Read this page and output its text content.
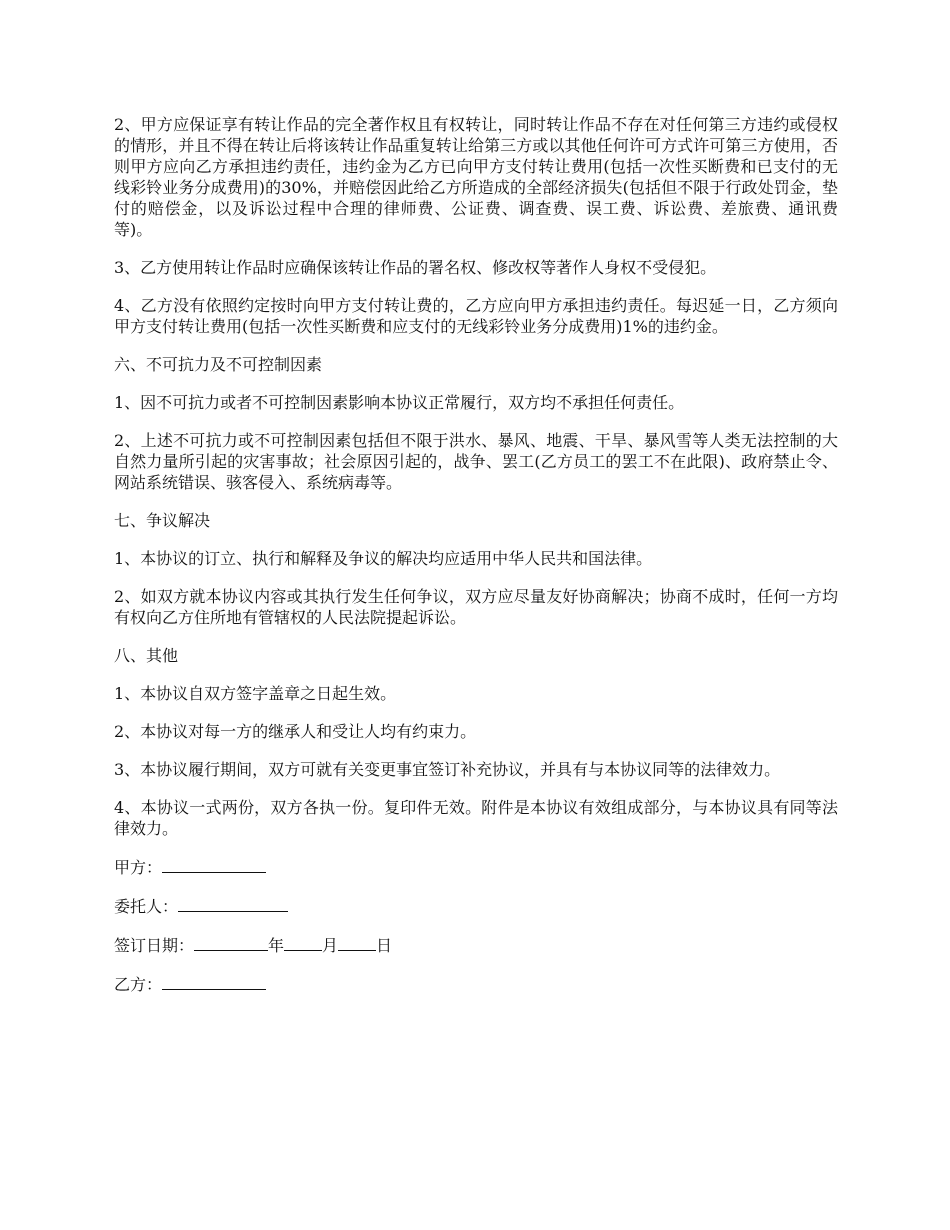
2、甲方应保证享有转让作品的完全著作权且有权转让，同时转让作品不存在对任何第三方违约或侵权的情形，并且不得在转让后将该转让作品重复转让给第三方或以其他任何许可方式许可第三方使用，否则甲方应向乙方承担违约责任，违约金为乙方已向甲方支付转让费用(包括一次性买断费和已支付的无线彩铃业务分成费用)的30%，并赔偿因此给乙方所造成的全部经济损失(包括但不限于行政处罚金，垫付的赔偿金，以及诉讼过程中合理的律师费、公证费、调查费、误工费、诉讼费、差旅费、通讯费等)。

3、乙方使用转让作品时应确保该转让作品的署名权、修改权等著作人身权不受侵犯。

4、乙方没有依照约定按时向甲方支付转让费的，乙方应向甲方承担违约责任。每迟延一日，乙方须向甲方支付转让费用(包括一次性买断费和应支付的无线彩铃业务分成费用)1%的违约金。

六、不可抗力及不可控制因素

1、因不可抗力或者不可控制因素影响本协议正常履行，双方均不承担任何责任。

2、上述不可抗力或不可控制因素包括但不限于洪水、暴风、地震、干旱、暴风雪等人类无法控制的大自然力量所引起的灾害事故；社会原因引起的，战争、罢工(乙方员工的罢工不在此限)、政府禁止令、网站系统错误、骇客侵入、系统病毒等。

七、争议解决

1、本协议的订立、执行和解释及争议的解决均应适用中华人民共和国法律。

2、如双方就本协议内容或其执行发生任何争议，双方应尽量友好协商解决；协商不成时，任何一方均有权向乙方住所地有管辖权的人民法院提起诉讼。

八、其他

1、本协议自双方签字盖章之日起生效。

2、本协议对每一方的继承人和受让人均有约束力。

3、本协议履行期间，双方可就有关变更事宜签订补充协议，并具有与本协议同等的法律效力。

4、本协议一式两份，双方各执一份。复印件无效。附件是本协议有效组成部分，与本协议具有同等法律效力。

甲方：
委托人：
签订日期：	年 月 日
乙方：
